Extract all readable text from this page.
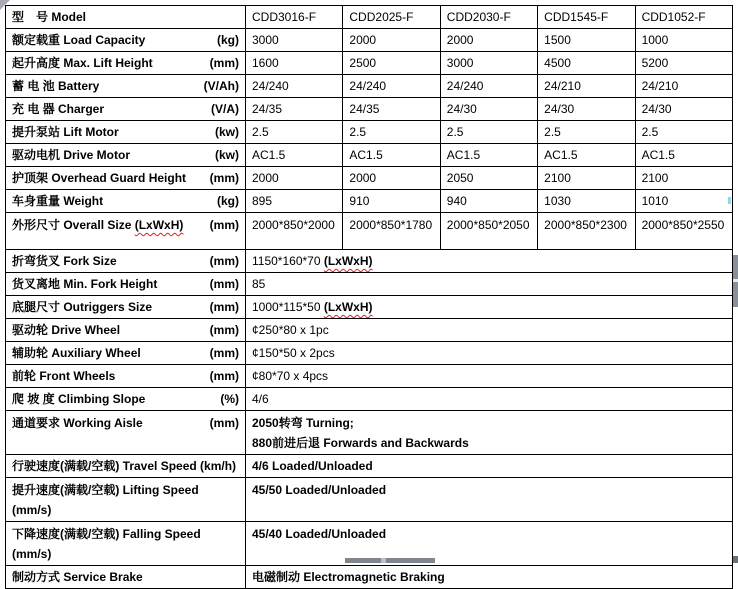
型　号 Model	CDD3016-F	CDD2025-F	CDD2030-F	CDD1545-F	CDD1052-F

额定载重 Load Capacity (kg)	3000	2000	2000	1500	1000

起升高度 Max. Lift Height (mm)	1600	2500	3000	4500	5200

蓄 电 池 Battery (V/Ah)	24/240	24/240	24/240	24/210	24/210

充 电 器 Charger (V/A)	24/35	24/35	24/30	24/30	24/30

提升泵站 Lift Motor (kw)	2.5	2.5	2.5	2.5	2.5

驱动电机 Drive Motor (kw)	AC1.5	AC1.5	AC1.5	AC1.5	AC1.5

护顶架 Overhead Guard Height (mm)	2000	2000	2050	2100	2100

车身重量 Weight (kg)	895	910	940	1030	1010

外形尺寸 Overall Size (LxWxH) (mm)	2000*850*2000	2000*850*1780	2000*850*2050	2000*850*2300	2000*850*2550

折弯货叉 Fork Size (mm)	1150*160*70 (LxWxH)				

货叉离地 Min. Fork Height (mm)	85				

底腿尺寸 Outriggers Size (mm)	1000*115*50 (LxWxH)				

驱动轮 Drive Wheel (mm)	¢250*80 x 1pc				

辅助轮 Auxiliary Wheel (mm)	¢150*50 x 2pcs				

前轮 Front Wheels (mm)	¢80*70 x 4pcs				

爬 坡 度 Climbing Slope (%)	4/6				

通道要求 Working Aisle	(mm)	2050转弯 Turning;
880前进后退 Forwards and Backwards

行驶速度(满载/空载) Travel Speed (km/h)	4/6 Loaded/Unloaded				

提升速度(满载/空载) Lifting Speed
(mm/s)	45/50 Loaded/Unloaded				

下降速度(满载/空载) Falling Speed
(mm/s)	45/40 Loaded/Unloaded				
制动方式 Service Brake	电磁制动 Electromagnetic Braking				
